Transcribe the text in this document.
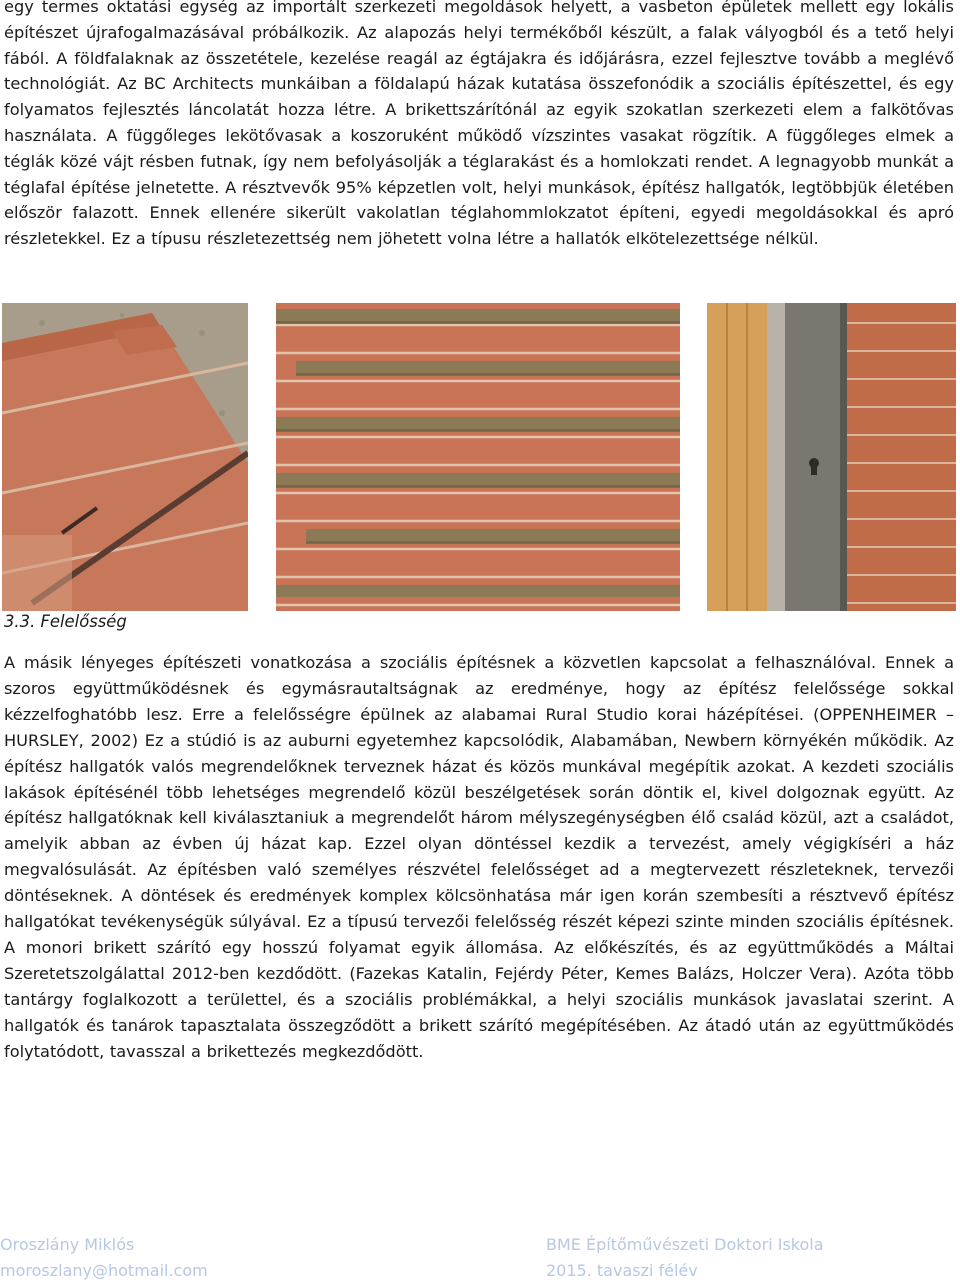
egy termes oktatási egység az importált szerkezeti megoldások helyett, a vasbeton épületek mellett egy lokális építészet újrafogalmazásával próbálkozik. Az alapozás helyi termékőből készült, a falak vályogból és a tető helyi fából. A földfalaknak az összetétele, kezelése reagál az égtájakra és időjárásra, ezzel fejlesztve tovább a meglévő technológiát. Az BC Architects munkáiban a földalapú házak kutatása összefonódik a szociális építészettel, és egy folyamatos fejlesztés láncolatát hozza létre. A brikettszárítónál az egyik szokatlan szerkezeti elem a falkötővas használata. A függőleges lekötővasak a koszoruként működő vízszintes vasakat rögzítik. A függőleges elmek a téglák közé vájt résben futnak, így nem befolyásolják a téglarakást és a homlokzati rendet. A legnagyobb munkát a téglafal építése jelnetette. A résztvevők 95% képzetlen volt, helyi munkások, építész hallgatók, legtöbbjük életében először falazott. Ennek ellenére sikerült vakolatlan téglahommlokzatot építeni, egyedi megoldásokkal és apró részletekkel. Ez a típusu részletezettség nem jöhetett volna létre a hallatók elkötelezettsége nélkül.

3.3. Felelősség

A másik lényeges építészeti vonatkozása a szociális építésnek a közvetlen kapcsolat a felhasználóval. Ennek a szoros együttműködésnek és egymásrautaltságnak az eredménye, hogy az építész felelőssége sokkal kézzelfoghatóbb lesz. Erre a felelősségre épülnek az alabamai Rural Studio korai házépítései. (OPPENHEIMER – HURSLEY, 2002) Ez a stúdió is az auburni egyetemhez kapcsolódik, Alabamában, Newbern környékén működik. Az építész hallgatók valós megrendelőknek terveznek házat és közös munkával megépítik azokat. A kezdeti szociális lakások építésénél több lehetséges megrendelő közül beszélgetések során döntik el, kivel dolgoznak együtt. Az építész hallgatóknak kell kiválasztaniuk a megrendelőt három mélyszegénységben élő család közül, azt a családot, amelyik abban az évben új házat kap. Ezzel olyan döntéssel kezdik a tervezést, amely végigkíséri a ház megvalósulását. Az építésben való személyes részvétel felelősséget ad a megtervezett részleteknek, tervezői döntéseknek. A döntések és eredmények komplex kölcsönhatása már igen korán szembesíti a résztvevő építész hallgatókat tevékenységük súlyával. Ez a típusú tervezői felelősség részét képezi szinte minden szociális építésnek. A monori brikett szárító egy hosszú folyamat egyik állomása. Az előkészítés, és az együttműködés a Máltai Szeretetszolgálattal 2012-ben kezdődött. (Fazekas Katalin, Fejérdy Péter, Kemes Balázs, Holczer Vera). Azóta több tantárgy foglalkozott a területtel, és a szociális problémákkal, a helyi szociális munkások javaslatai szerint. A hallgatók és tanárok tapasztalata összegződött a brikett szárító megépítésében. Az átadó után az együttműködés folytatódott, tavasszal a brikettezés megkezdődött.

Oroszlány Miklós
moroszlany@hotmail.com
BME Építőművészeti Doktori Iskola
2015. tavaszi félév
